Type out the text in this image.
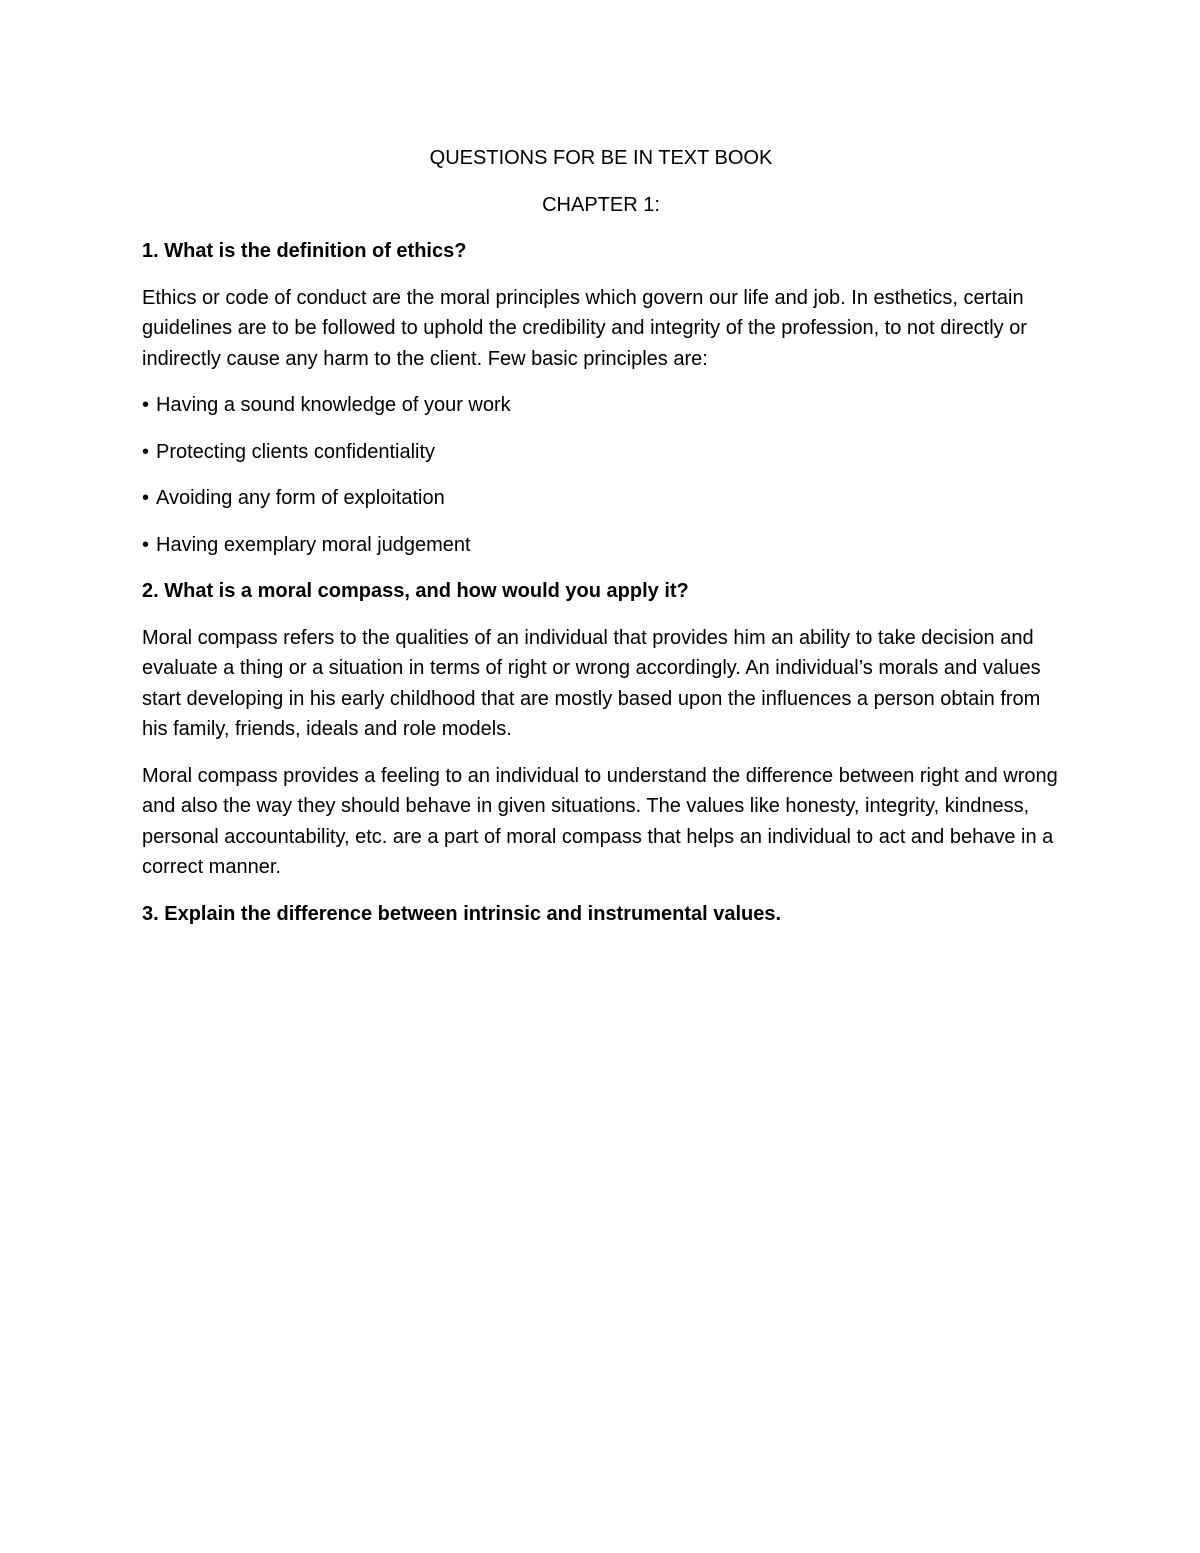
QUESTIONS FOR BE IN TEXT BOOK

CHAPTER 1:

1. What is the definition of ethics?

Ethics or code of conduct are the moral principles which govern our life and job. In esthetics, certain guidelines are to be followed to uphold the credibility and integrity of the profession, to not directly or indirectly cause any harm to the client. Few basic principles are:

• Having a sound knowledge of your work
• Protecting clients confidentiality
• Avoiding any form of exploitation
• Having exemplary moral judgement

2. What is a moral compass, and how would you apply it?

Moral compass refers to the qualities of an individual that provides him an ability to take decision and evaluate a thing or a situation in terms of right or wrong accordingly. An individual’s morals and values start developing in his early childhood that are mostly based upon the influences a person obtain from his family, friends, ideals and role models.

Moral compass provides a feeling to an individual to understand the difference between right and wrong and also the way they should behave in given situations. The values like honesty, integrity, kindness, personal accountability, etc. are a part of moral compass that helps an individual to act and behave in a correct manner.

3. Explain the difference between intrinsic and instrumental values.
